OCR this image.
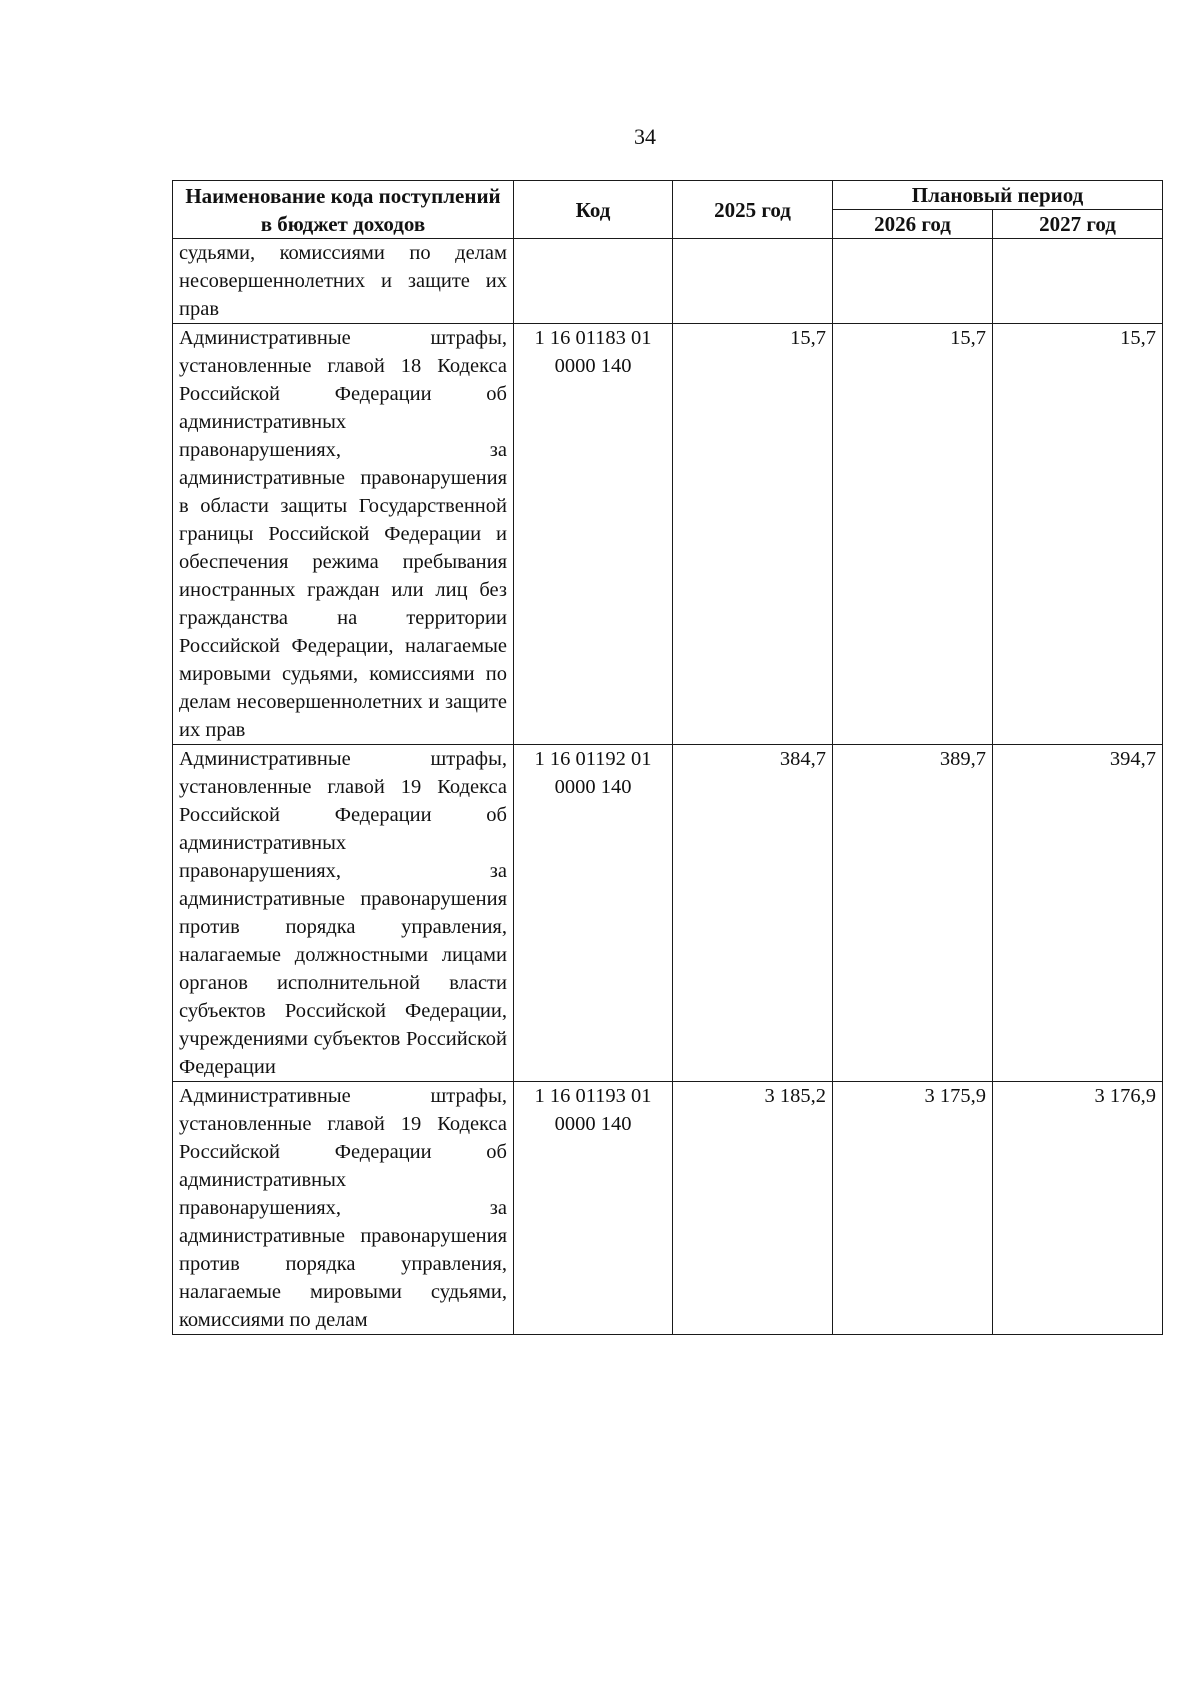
34
Наименование кода поступлений в бюджет доходов	Код	2025 год	Плановый период	
			2026 год	2027 год
судьями, комиссиями по делам несовершеннолетних и защите их прав				
Административные штрафы, установленные главой 18 Кодекса Российской Федерации об административных правонарушениях, за административные правонарушения в области защиты Государственной границы Российской Федерации и обеспечения режима пребывания иностранных граждан или лиц без гражданства на территории Российской Федерации, налагаемые мировыми судьями, комиссиями по делам несовершеннолетних и защите их прав	1 16 01183 01 0000 140	15,7	15,7	15,7
Административные штрафы, установленные главой 19 Кодекса Российской Федерации об административных правонарушениях, за административные правонарушения против порядка управления, налагаемые должностными лицами органов исполнительной власти субъектов Российской Федерации, учреждениями субъектов Российской Федерации	1 16 01192 01 0000 140	384,7	389,7	394,7
Административные штрафы, установленные главой 19 Кодекса Российской Федерации об административных правонарушениях, за административные правонарушения против порядка управления, налагаемые мировыми судьями, комиссиями по делам	1 16 01193 01 0000 140	3 185,2	3 175,9	3 176,9
